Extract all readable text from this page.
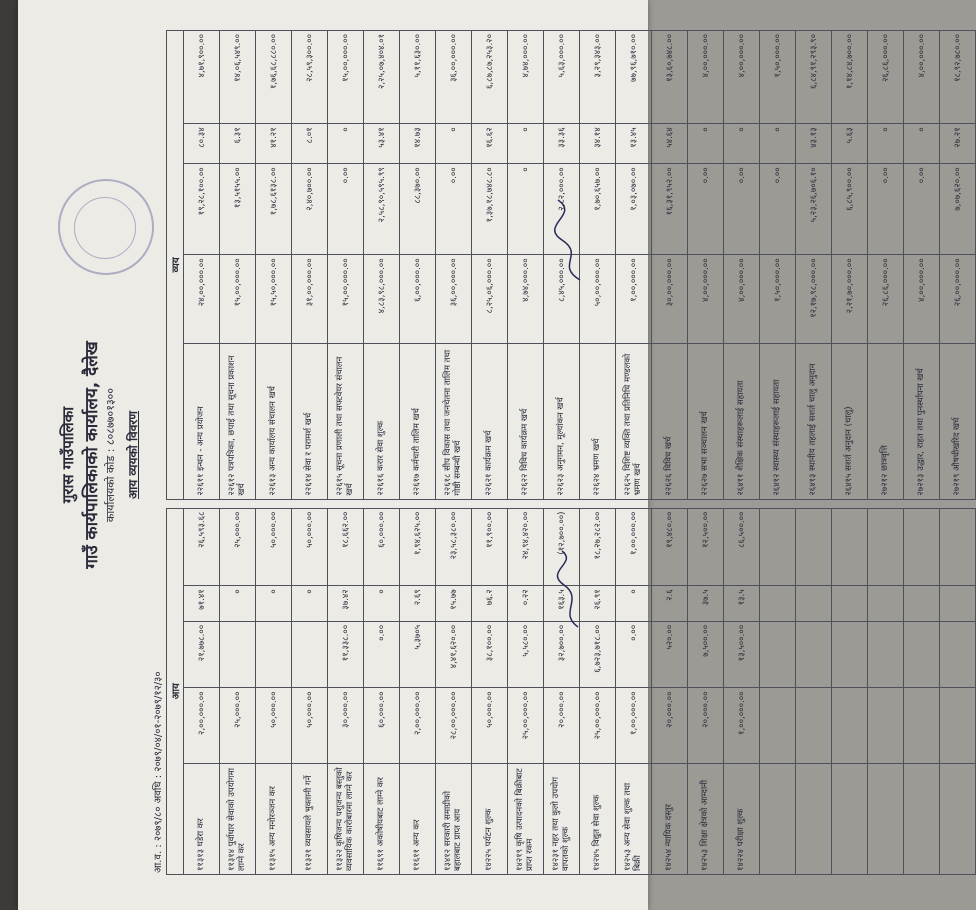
गुरास गाउँपालिका गाउँ कार्यपालिकाको कार्यालय, दैलेख कार्यालयको कोड : ८०८७७०१३०० आय व्ययको विवरण
आ.व. : २०७९/८० अवधि : २०७९/०४/०१-२०७९/१२/३० आय						व्यय				
११३१३ घडेरा कर	२,००,०००.००	२१,७७८.००	७१.४१	२६,५९३.६८		२२६११ इन्धन - अन्य प्रयोजन	२४,००,०००.००	१९,२८,१००.००	८०.३४	४,७१,९००.००
११३१४ पुर्वाधार सेवाको उपयोगमा लाग्ने कर	२५,०००.००		०	२५,०००.००		२२६१२ पत्रपत्रिका, छपाई तथा सूचना प्रकाशन खर्च	१५,००,०००.००	१३,५१५५.००	६.३१	१४,०६,५४९.००
११३१५ अन्य मनोरञ्जन कर	५०,०००.००		०	५०,०००.००		२२६१३ अन्य कार्यालय संचालन खर्च	१५,५०,०००.००	१,७८,६१३८.००	४१.२१	१,७६,६८,८८०.००
११३२१ व्यवसायले भुक्तानी गर्ने	५०,०००.००		०	५०,०००.००		२२६१४ सेवा र परामर्श खर्च	३१,००,०००.००	२,४०,७००.००	८.०१	२८,५९,३००.००
११३२२ कृषिजन्य पशुजन्य बस्तुको व्यवसायिक कारोबारमा लाग्ने कर	३०,०००.००	११,३३८.००	३७.४२	१८,६६२.००		२२६१५ सूचना प्रणाली तथा सफ्टवेयर संचालन खर्च	१५,००,०००.००	०.००	०	१५,००,०००.००
११६९१ अकोषीयबाट लाग्ने कर	६०,०००.००	०.००	०	६०,०००.००		२२६१६ करार सेवा शुल्क	४,८३,९८,०००.००	२,५८,९०,५९५.९९	५३.४१	२,२५,०७,४०४.०१
११६११ अन्य कर	२,००,०००.००	५,३७०५	२.६९	१,९४,६२५.००		२२६१७ कर्मचारी तालिम खर्च	६,००,०००.००	८८,३७०.००	१४.७३	५,११,६३०.००
१३४१२ सरकारी समाग्रीको बहालबाट प्राप्त आय	२८,००,०००.००	४,४१,६२०.००	१५.७७	२३,५८,३८०.००		२२६१८ सीप विकास तथा जनचेतना तालिम तथा गोष्ठी सम्बन्धी खर्च	३६,००,०००.००	०.००	०	३६,००,०००.००
१४२२५ पर्यटन शुल्क	५०,०००.००	३८,१००.००	७६.२	११,९००.००		२२६२१ कार्यक्रम खर्च	८,२५,०६,०००.००	१,३७,१८,७४८.८०	१६.६२	६,८७,८७,२५३.२०
१४२१९ कृषि उत्पादनको बिक्रीबाट प्राप्त रकम	२५,००,०००.००	५,५८०.००	०.२२	२४,९४,४२०.००		२२६२२ विविध कार्यक्रम खर्च	४,७४,०००.००	०	०	४,७४,०००.००
१४२३१ नहर तथा कुलो उपयोग वापतको शुल्क	२०,०००.००	३२,७००.००	१६३.५	(१२,७००.००)		२२६२३ अनुगमन, मूल्यांकन खर्च	८,४५,०००.००	२,८२,०००.००	३३.३६	५,६३,०००.००
१४२४५ विद्युत सेवा शुल्क	२५,००,०००.००	६,७२३,७१८.००	२६.९१	१८,२७,२८२.००		२२६२४ भ्रमण खर्च	५०,००,०००.००	१,७०,६५७.००	३४.१४	३,२९,३४३.००
१४२५३ अन्य सेवा शुल्क तथा बिक्री	१,००,०००.००	०.००	०	१,००,०००.००		२२६२५ विशिष्ट व्यक्ति तथा प्रतिनिधि मण्डलको भ्रमण खर्च	१,००,०००.००	१,०३,०७०.००	१३.४५	७७,९६,७१०.००
१४२५४ न्यायिक दस्तुर	२०,०००.००	५२०.००	२.६	१९,४८०.००		२२६२६ विविध खर्च	३०,००,०००.००	१६,३१,९५२.००	५४.६४	१३,६०,७४८.००
१४२५३ शिक्षा क्षेत्रको आम्दानी	२०,०००.००	७,५००.००	३७.५	१२,५००.००		२२६२७ सभा सञ्चालन खर्च	४,००,०००.००	०.००	०	४,००,०००.००
१४२२४ परीक्षा शुल्क	१,००,०००.००	१३,५००.००	१३.५	८६,५००.००		२६४११ शैक्षिक संस्थाहरूलाई सहायता	४,००,०००.००	०.००	०	४,००,०००.००
						२६४१२ स्वास्थ्य संस्थाहरूलाई सहायता	१,५०,०००.००	०.००	०	१,५०,०००.००
						२६४१३ स्थानीय तहलाई सशर्त चालु अनुदान	१२,१७,९८,०००.००	५,२३,२६,७०६.१०	४३.१३	६,८४,९१,२९३.९०
						२६४१५ सशर्त अनुदान (चालु)	२,२१,७०,०००.००	६,८५,९००.००	५.६३	१,१४,८४,७००.००
						२७२१२ छात्रवृत्ति	२६,८६,०००.००	०.००	०	२६,८६,०००.००
						२७२१३ उद्धार, राहत तथा पुनर्स्थापना खर्च	४,००,०००.००	०.००	०	४,००,०००.००
						२७२१९ औषधीखरिद खर्च	२६,००,०००.००	७,०७,६२०.००	२७.२१	१८,९२,७८०.००
